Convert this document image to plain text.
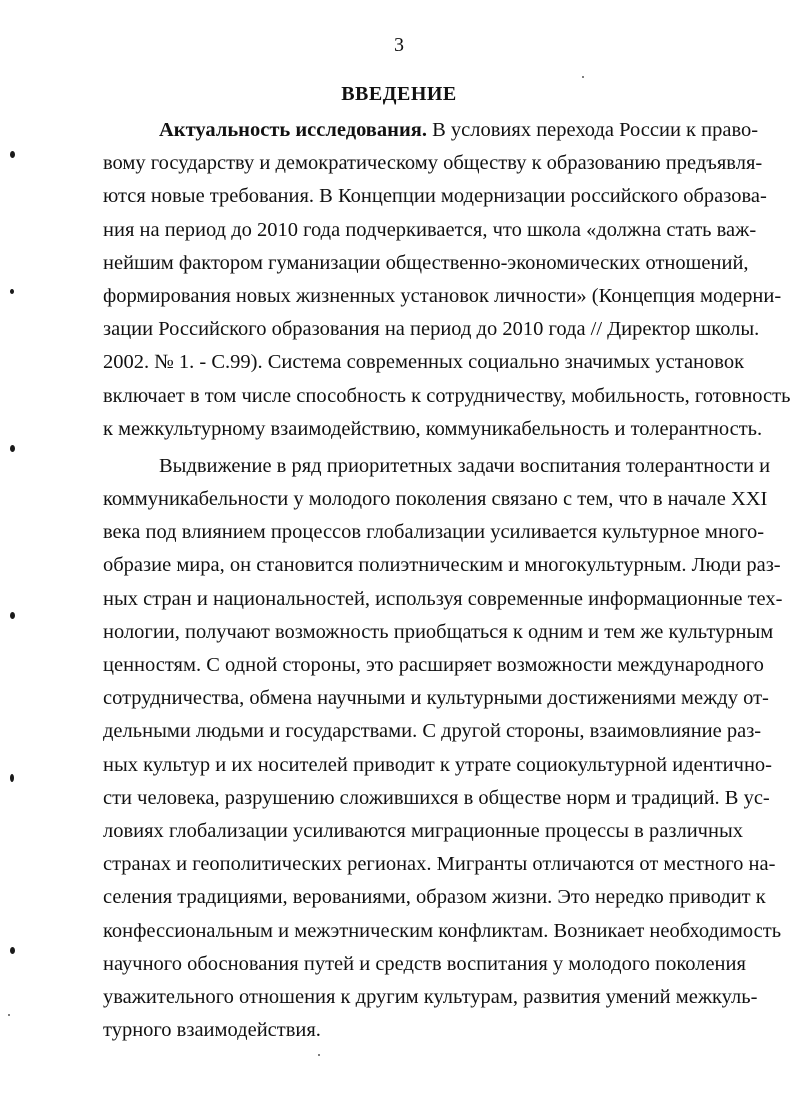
3
ВВЕДЕНИЕ
Актуальность исследования. В условиях перехода России к право-
вому государству и демократическому обществу к образованию предъявля-
ются новые требования. В Концепции модернизации российского образова-
ния на период до 2010 года подчеркивается, что школа «должна стать важ-
нейшим фактором гуманизации общественно-экономических отношений,
формирования новых жизненных установок личности» (Концепция модерни-
зации Российского образования на период до 2010 года // Директор школы.
2002. № 1. - С.99). Система современных социально значимых установок
включает в том числе способность к сотрудничеству, мобильность, готовность
к межкультурному взаимодействию, коммуникабельность и толерантность.
Выдвижение в ряд приоритетных задачи воспитания толерантности и
коммуникабельности у молодого поколения связано с тем, что в начале XXI
века под влиянием процессов глобализации усиливается культурное много-
образие мира, он становится полиэтническим и многокультурным. Люди раз-
ных стран и национальностей, используя современные информационные тех-
нологии, получают возможность приобщаться к одним и тем же культурным
ценностям. С одной стороны, это расширяет возможности международного
сотрудничества, обмена научными и культурными достижениями между от-
дельными людьми и государствами. С другой стороны, взаимовлияние раз-
ных культур и их носителей приводит к утрате социокультурной идентично-
сти человека, разрушению сложившихся в обществе норм и традиций. В ус-
ловиях глобализации усиливаются миграционные процессы в различных
странах и геополитических регионах. Мигранты отличаются от местного на-
селения традициями, верованиями, образом жизни. Это нередко приводит к
конфессиональным и межэтническим конфликтам. Возникает необходимость
научного обоснования путей и средств воспитания у молодого поколения
уважительного отношения к другим культурам, развития умений межкуль-
турного взаимодействия.
